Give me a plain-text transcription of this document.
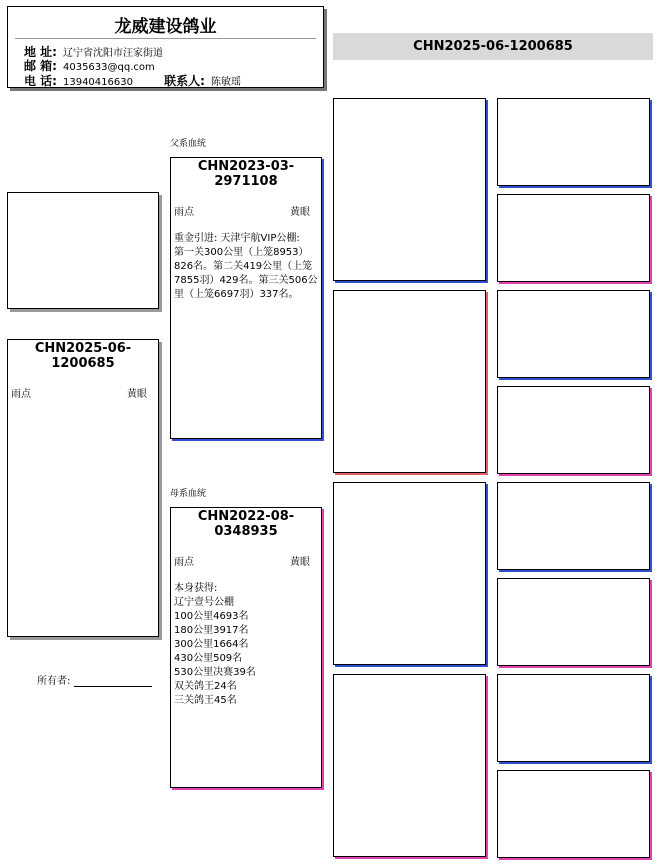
龙威建设鸽业
地 址: 辽宁省沈阳市汪家街道
邮 箱: 4035633@qq.com
电 话: 13940416630	联系人: 陈敏瑶
CHN2025-06-1200685
CHN2025-06-1200685
雨点	黄眼
所有者:
父系血统
CHN2023-03-2971108
雨点	黄眼
重金引进: 天津宇航VIP公棚:
第一关300公里（上笼8953）
826名。第二关419公里（上笼
7855羽）429名。第三关506公
里（上笼6697羽）337名。
母系血统
CHN2022-08-0348935
雨点	黄眼
本身获得:
辽宁壹号公棚
100公里4693名
180公里3917名
300公里1664名
430公里509名
530公里决赛39名
双关鸽王24名
三关鸽王45名
